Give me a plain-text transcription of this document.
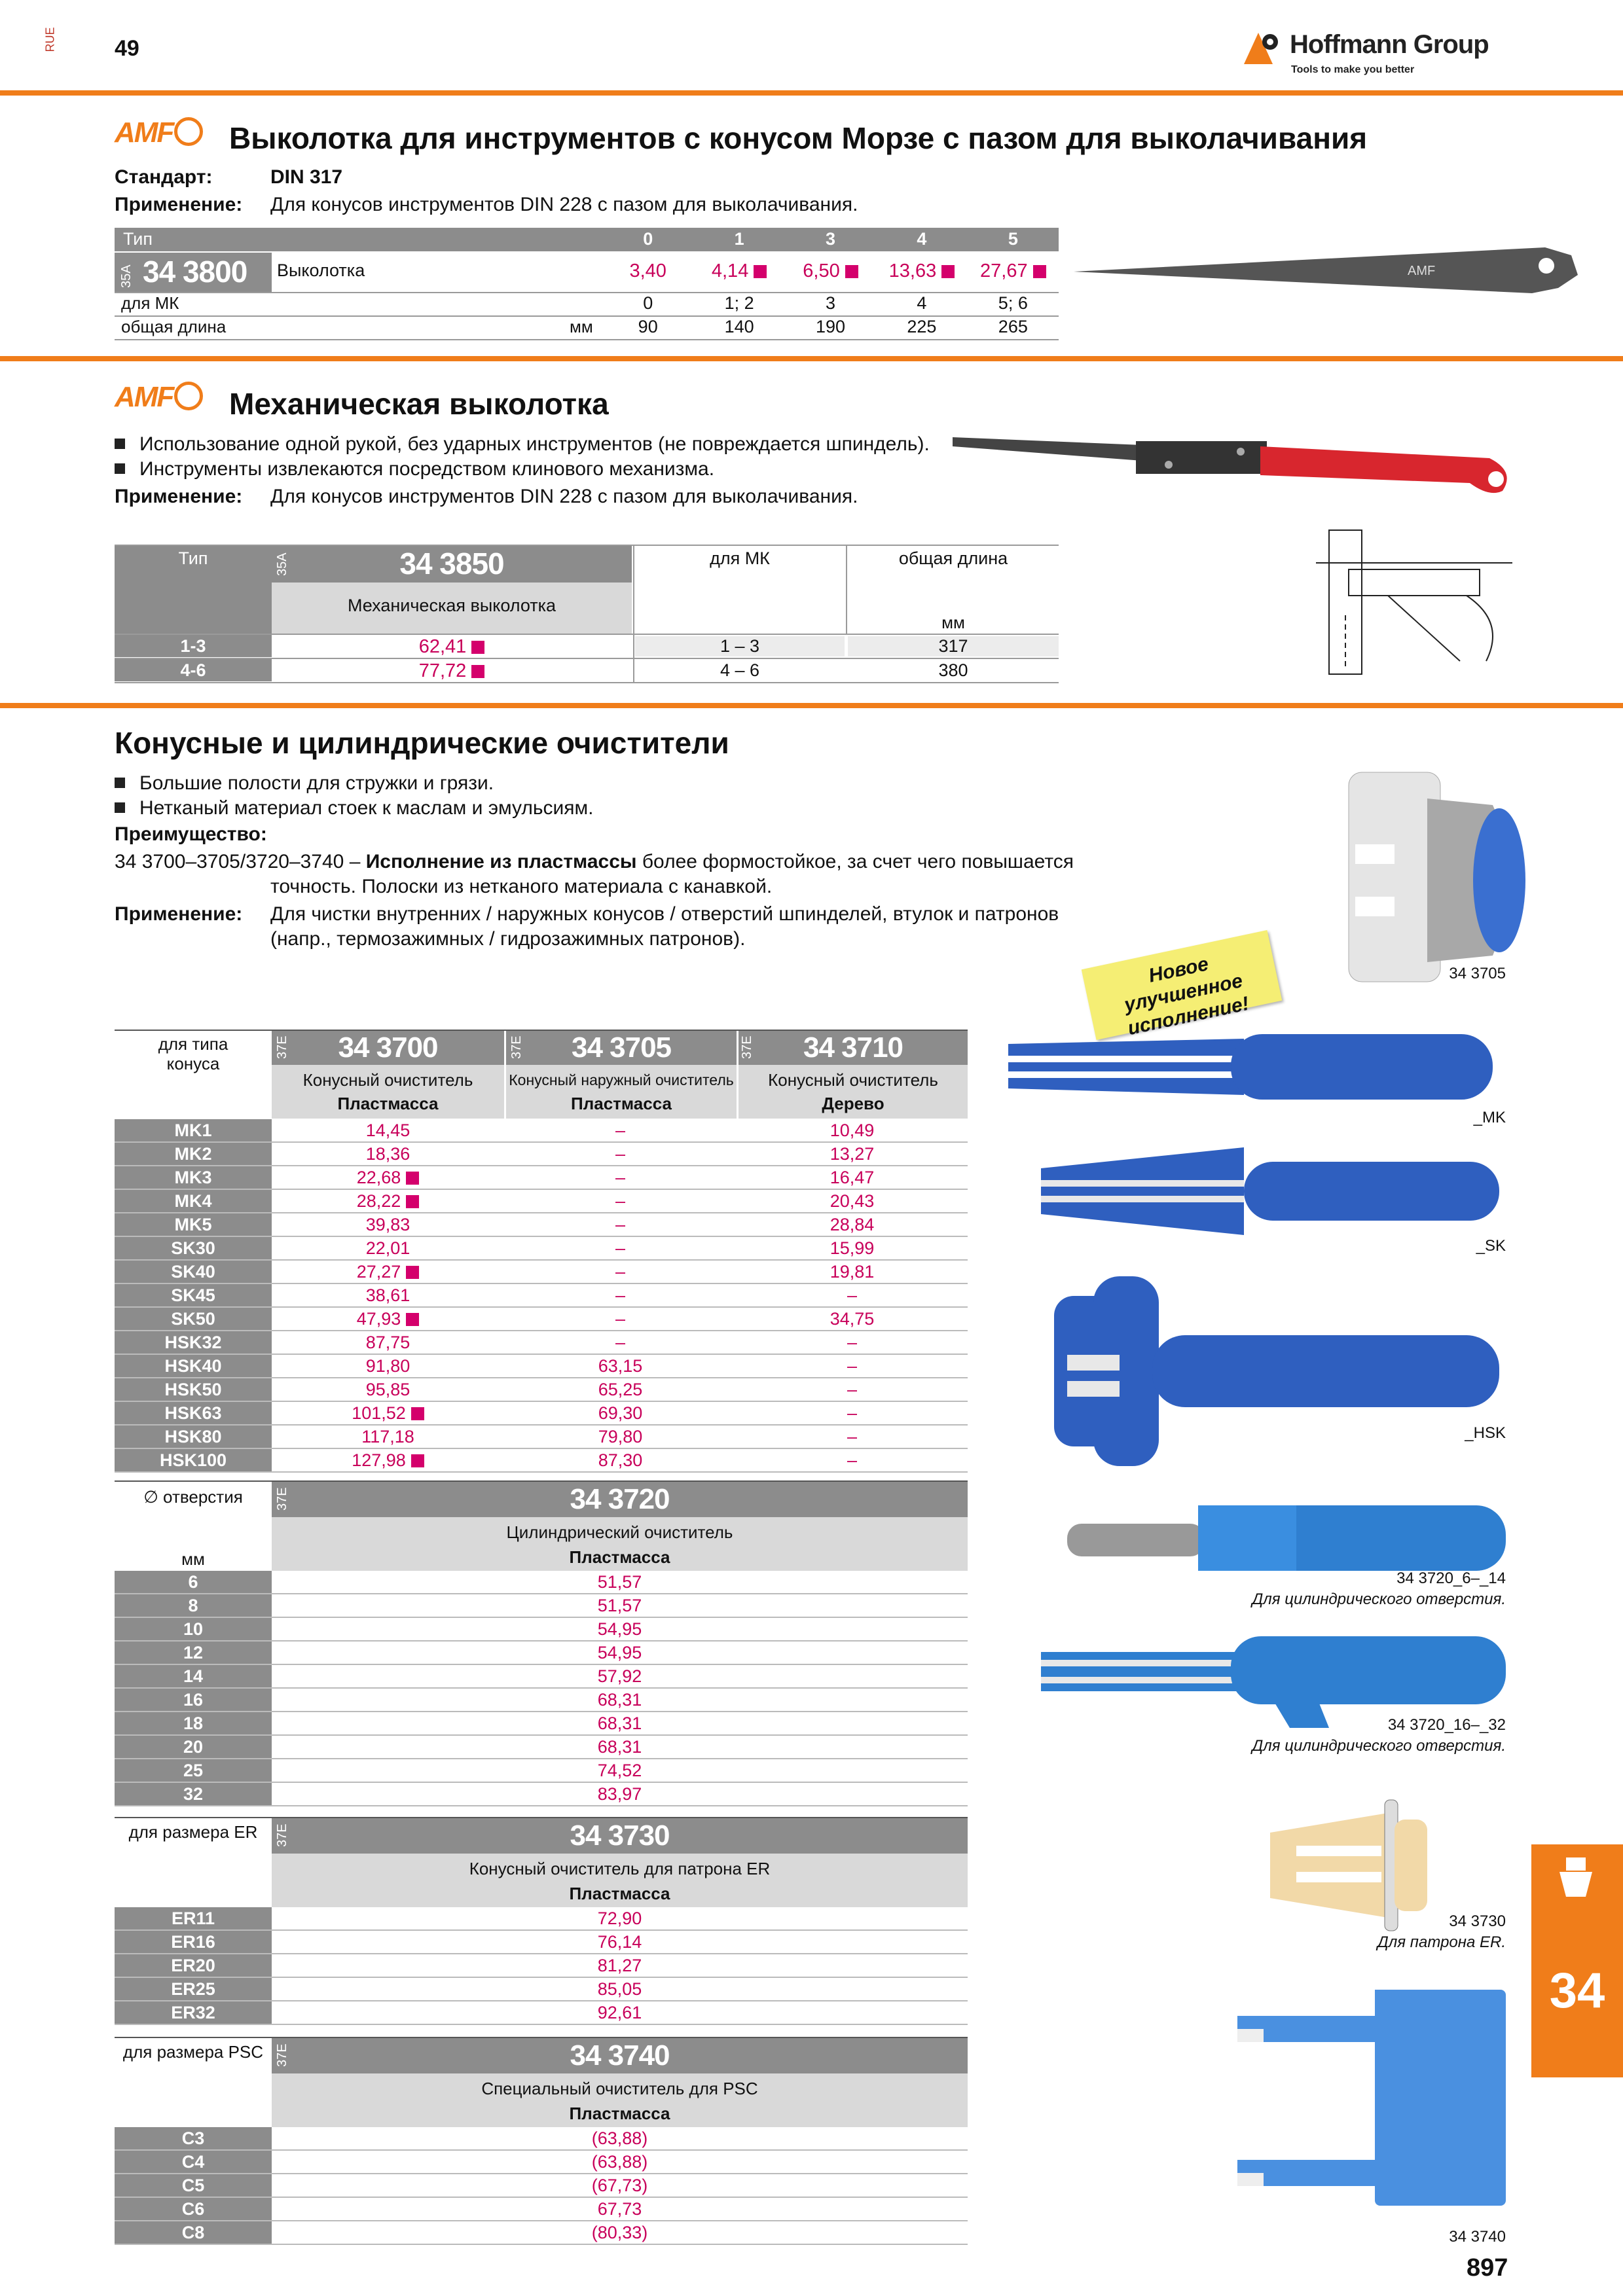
RUE	49	Hoffmann Group
Tools to make you better
AMF	Выколотка для инструментов с конусом Морзе с пазом для выколачивания
Стандарт:	DIN 317
Применение: Для конусов инструментов DIN 228 с пазом для выколачивания.
Тип	0	1	3	4	5
35A 34 3800 Выколотка	3,40	4,14	6,50	13,63	27,67
для МК	0	1; 2	3	4	5; 6
общая длина	мм	90	140	190	225	265
AMF
AMF	Механическая выколотка
Использование одной рукой, без ударных инструментов (не повреждается шпиндель).
Инструменты извлекаются посредством клинового механизма.
Применение: Для конусов инструментов DIN 228 с пазом для выколачивания.
Тип	35A	34 3850
Механическая выколотка
для МК	общая длина
мм
1-3	62,41	1 – 3	317
4-6	77,72	4 – 6	380
Конусные и цилиндрические очистители
Большие полости для стружки и грязи.
Нетканый материал стоек к маслам и эмульсиям.
Преимущество:
34 3700–3705/3720–3740 – Исполнение из пластмассы более формостойкое, за счет чего повышается
точность. Полоски из нетканого материала с канавкой.
Применение: Для чистки внутренних / наружных конусов / отверстий шпинделей, втулок и патронов
(напр., термозажимных / гидрозажимных патронов).
Новое улучшенное исполнение!
для типа
конуса
37E	37E	37E
34 3700	34 3705	34 3710
Конусный очиститель
Пластмасса
Конусный наружный очиститель
Пластмасса
Конусный очиститель
Дерево
MK1	14,45	–	10,49
MK2	18,36	–	13,27
MK3	22,68	–	16,47
MK4	28,22	–	20,43
MK5	39,83	–	28,84
SK30	22,01	–	15,99
SK40	27,27	–	19,81
SK45	38,61	–	–
SK50	47,93	–	34,75
HSK32	87,75	–	–
HSK40	91,80	63,15	–
HSK50	95,85	65,25	–
HSK63	101,52	69,30	–
HSK80	117,18	79,80	–
HSK100	127,98	87,30	–
∅ отверстия
мм
37E	34 3720
Цилиндрический очиститель
Пластмасса
6	51,57
8	51,57
10	54,95
12	54,95
14	57,92
16	68,31
18	68,31
20	68,31
25	74,52
32	83,97
для размера ER	37E	34 3730
Конусный очиститель для патрона ER
Пластмасса
ER11	72,90
ER16	76,14
ER20	81,27
ER25	85,05
ER32	92,61
для размера PSC 37E	34 3740
Специальный очиститель для PSC
Пластмасса
C3	(63,88)
C4	(63,88)
C5	(67,73)
C6	67,73
C8	(80,33)
34 3705
_MK
_SK
_HSK
34 3720_6–_14
Для цилиндрического отверстия.
34 3720_16–_32
Для цилиндрического отверстия.
34 3730
Для патрона ER.
34 3740
34
897
